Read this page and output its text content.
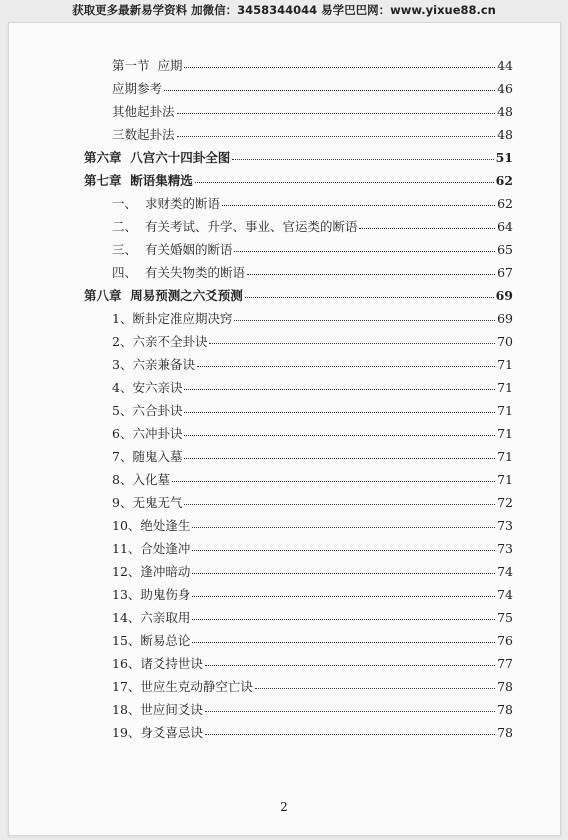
获取更多最新易学资料 加微信：3458344044 易学巴巴网：www.yixue88.cn
第一节  应期	44
应期参考	46
其他起卦法	48
三数起卦法	48
第六章  八宫六十四卦全图	51
第七章  断语集精选	62
一、  求财类的断语	62
二、  有关考试、升学、事业、官运类的断语	64
三、  有关婚姻的断语	65
四、  有关失物类的断语	67
第八章  周易预测之六爻预测	69
1、断卦定准应期决窍	69
2、六亲不全卦诀	70
3、六亲兼备诀	71
4、安六亲诀	71
5、六合卦诀	71
6、六冲卦诀	71
7、随鬼入墓	71
8、入化墓	71
9、无鬼无气	72
10、绝处逢生	73
11、合处逢冲	73
12、逢冲暗动	74
13、助鬼伤身	74
14、六亲取用	75
15、断易总论	76
16、诸爻持世诀	77
17、世应生克动静空亡诀	78
18、世应间爻诀	78
19、身爻喜忌诀	78
2
